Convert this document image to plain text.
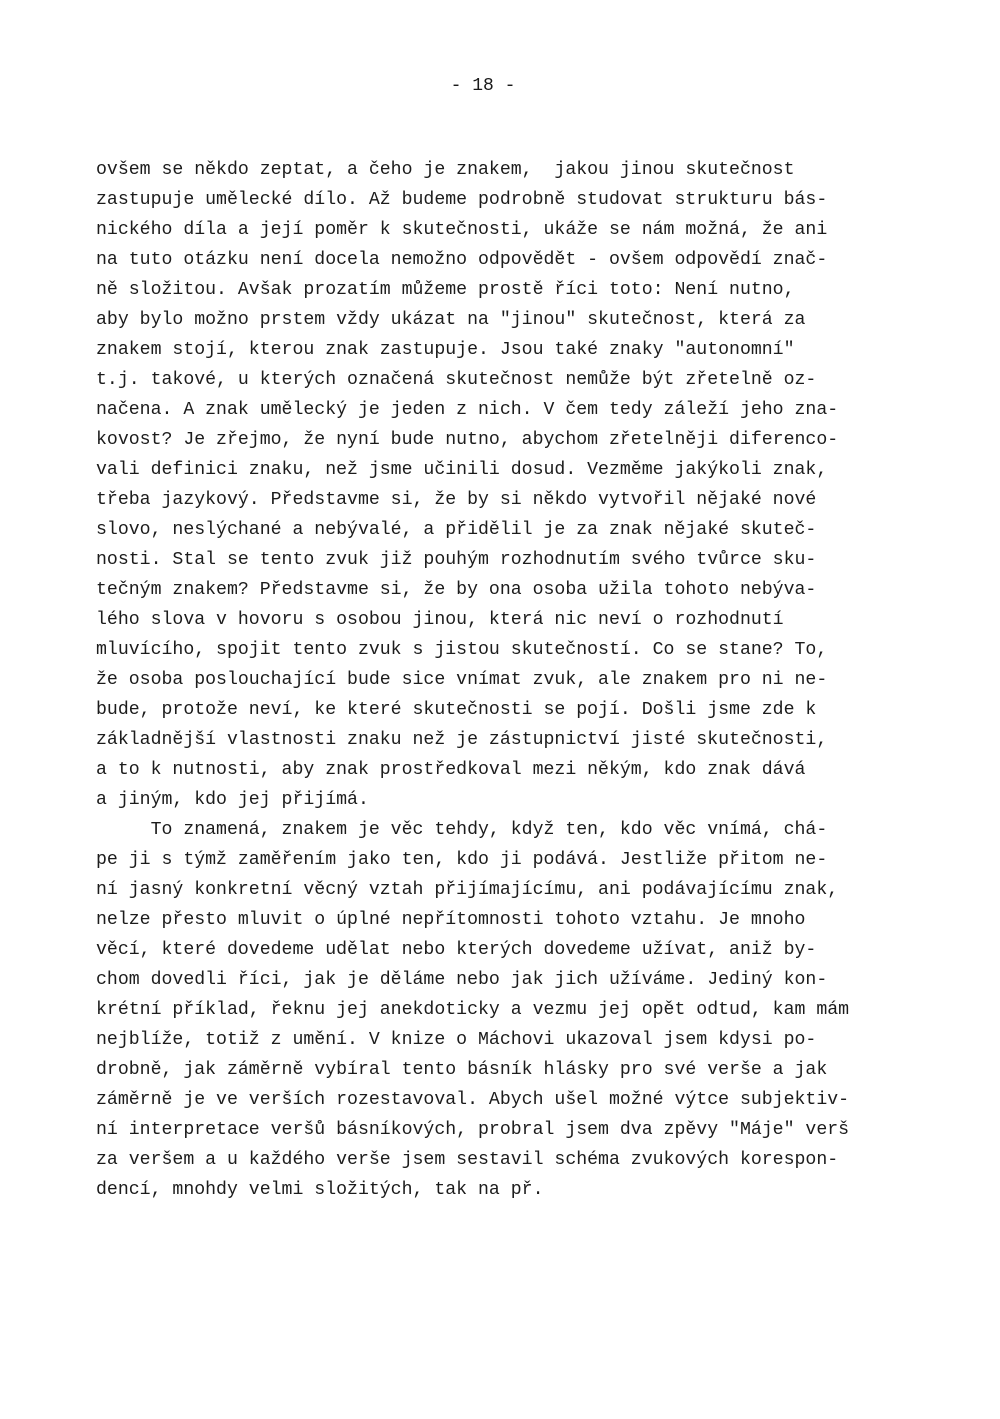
- 18 -
ovšem se někdo zeptat, a čeho je znakem,  jakou jinou skutečnost
zastupuje umělecké dílo. Až budeme podrobně studovat strukturu bás-
nického díla a její poměr k skutečnosti, ukáže se nám možná, že ani
na tuto otázku není docela nemožno odpovědět - ovšem odpovědí znač-
ně složitou. Avšak prozatím můžeme prostě říci toto: Není nutno,
aby bylo možno prstem vždy ukázat na "jinou" skutečnost, která za
znakem stojí, kterou znak zastupuje. Jsou také znaky "autonomní"
t.j. takové, u kterých označená skutečnost nemůže být zřetelně oz-
načena. A znak umělecký je jeden z nich. V čem tedy záleží jeho zna-
kovost? Je zřejmo, že nyní bude nutno, abychom zřetelněji diferenco-
vali definici znaku, než jsme učinili dosud. Vezměme jakýkoli znak,
třeba jazykový. Představme si, že by si někdo vytvořil nějaké nové
slovo, neslýchané a nebývalé, a přidělil je za znak nějaké skuteč-
nosti. Stal se tento zvuk již pouhým rozhodnutím svého tvůrce sku-
tečným znakem? Představme si, že by ona osoba užila tohoto nebýva-
lého slova v hovoru s osobou jinou, která nic neví o rozhodnutí
mluvícího, spojit tento zvuk s jistou skutečností. Co se stane? To,
že osoba poslouchající bude sice vnímat zvuk, ale znakem pro ni ne-
bude, protože neví, ke které skutečnosti se pojí. Došli jsme zde k
základnější vlastnosti znaku než je zástupnictví jisté skutečnosti,
a to k nutnosti, aby znak prostředkoval mezi někým, kdo znak dává
a jiným, kdo jej přijímá.
To znamená, znakem je věc tehdy, když ten, kdo věc vnímá, chá-
pe ji s týmž zaměřením jako ten, kdo ji podává. Jestliže přitom ne-
ní jasný konkretní věcný vztah přijímajícímu, ani podávajícímu znak,
nelze přesto mluvit o úplné nepřítomnosti tohoto vztahu. Je mnoho
věcí, které dovedeme udělat nebo kterých dovedeme užívat, aniž by-
chom dovedli říci, jak je děláme nebo jak jich užíváme. Jediný kon-
krétní příklad, řeknu jej anekdoticky a vezmu jej opět odtud, kam mám
nejblíže, totiž z umění. V knize o Máchovi ukazoval jsem kdysi po-
drobně, jak záměrně vybíral tento básník hlásky pro své verše a jak
záměrně je ve verších rozestavoval. Abych ušel možné výtce subjektiv-
ní interpretace veršů básníkových, probral jsem dva zpěvy "Máje" verš
za veršem a u každého verše jsem sestavil schéma zvukových korespon-
dencí, mnohdy velmi složitých, tak na př.
